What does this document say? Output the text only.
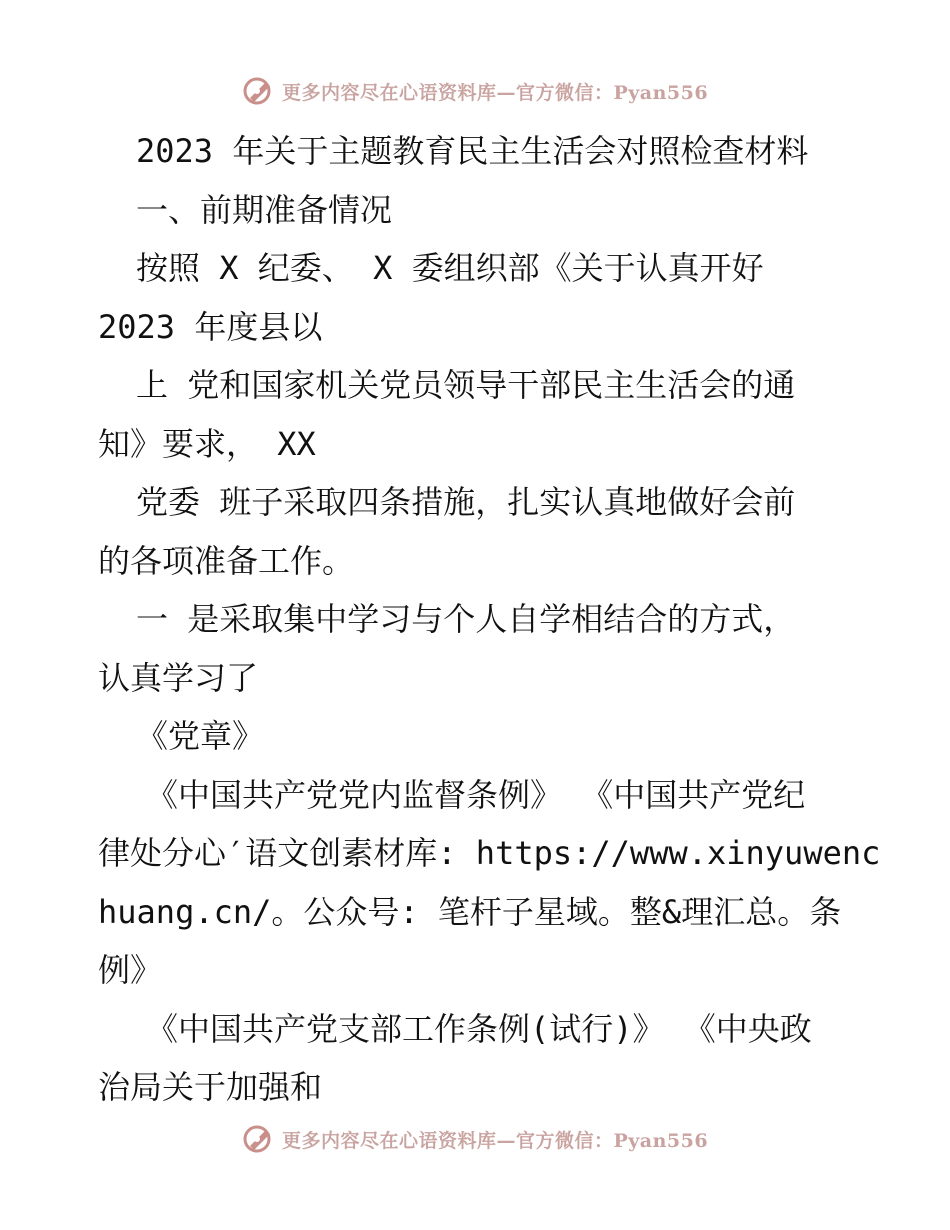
更多内容尽在心语资料库—官方微信：Pyan556
2023 年关于主题教育民主生活会对照检查材料
一、前期准备情况
按照 X 纪委、 X 委组织部《关于认真开好
2023 年度县以
上 党和国家机关党员领导干部民主生活会的通
知》要求， XX
党委 班子采取四条措施，扎实认真地做好会前
的各项准备工作。
一 是采取集中学习与个人自学相结合的方式，
认真学习了
《党章》
《中国共产党党内监督条例》 《中国共产党纪
律处分心′语文创素材库: https://www.xinyuwenc
huang.cn/。公众号: 笔杆子星域。整&理汇总。条
例》
《中国共产党支部工作条例(试行)》 《中央政
治局关于加强和
更多内容尽在心语资料库—官方微信：Pyan556
